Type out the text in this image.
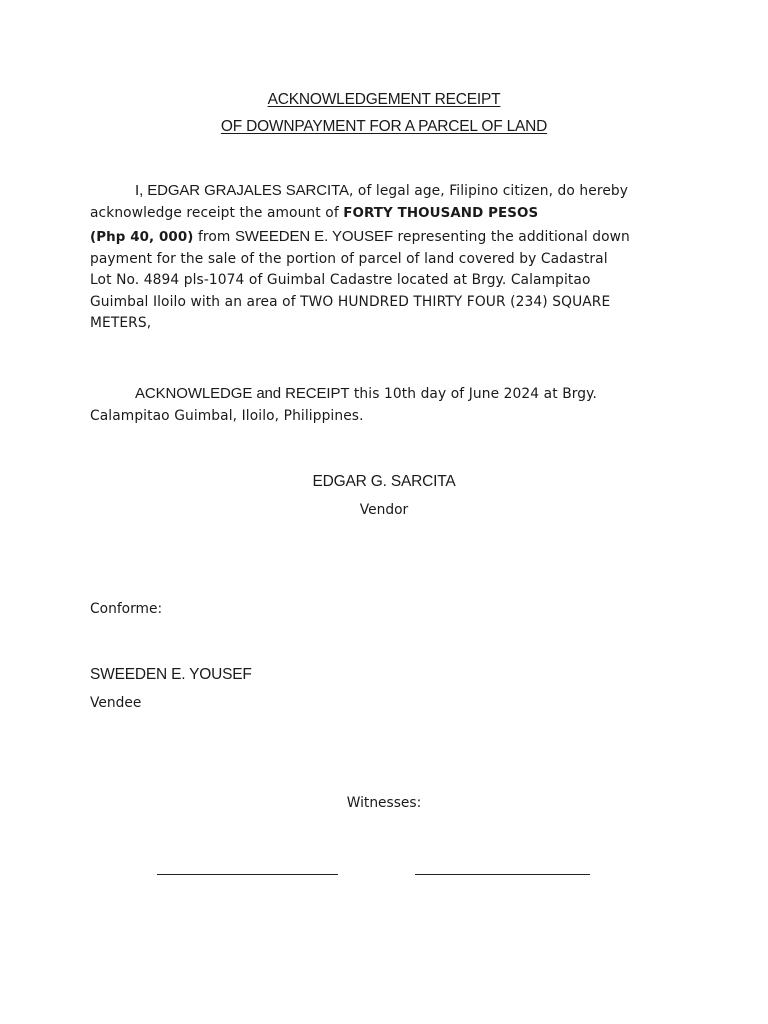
ACKNOWLEDGEMENT RECEIPT
OF DOWNPAYMENT FOR A PARCEL OF LAND
I, EDGAR GRAJALES SARCITA, of legal age, Filipino citizen, do hereby
acknowledge receipt the amount of FORTY THOUSAND PESOS
(Php 40, 000) from SWEEDEN E. YOUSEF representing the additional down
payment for the sale of the portion of parcel of land covered by Cadastral
Lot No. 4894 pls-1074 of Guimbal Cadastre located at Brgy. Calampitao
Guimbal Iloilo with an area of TWO HUNDRED THIRTY FOUR (234) SQUARE
METERS,
ACKNOWLEDGE and RECEIPT this 10th day of June 2024 at Brgy.
Calampitao Guimbal, Iloilo, Philippines.
EDGAR G. SARCITA
Vendor
Conforme:
SWEEDEN E. YOUSEF
Vendee
Witnesses:
